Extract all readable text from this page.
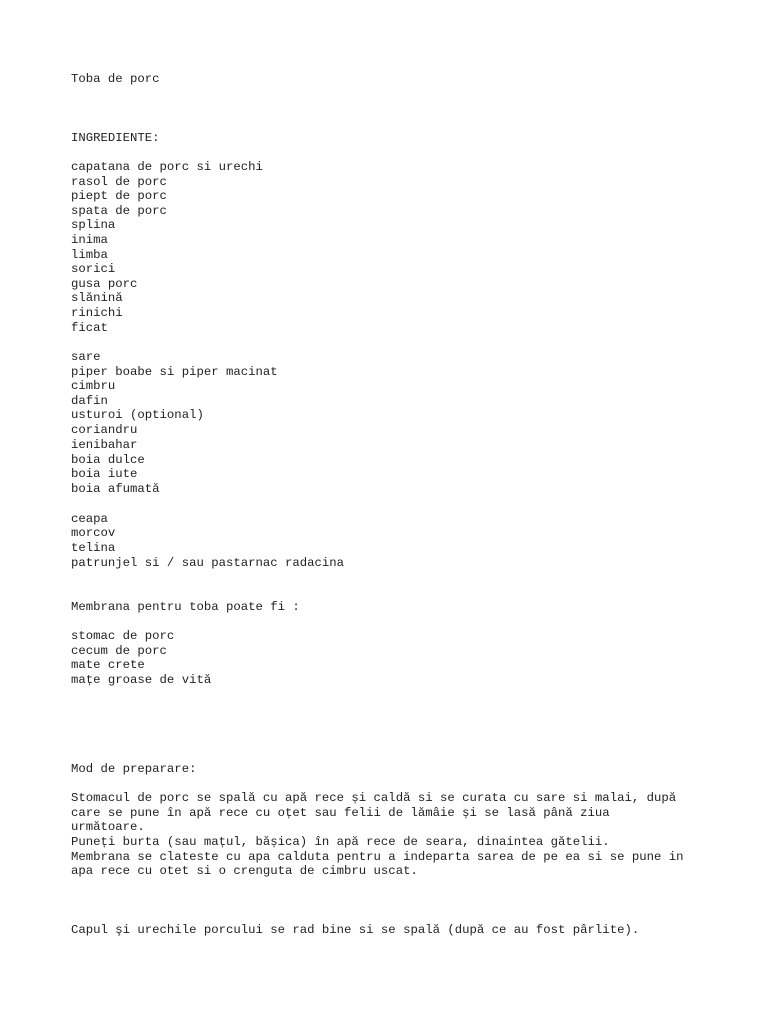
Toba de porc

INGREDIENTE:

capatana de porc si urechi

rasol de porc

piept de porc

spata de porc

splina

inima

limba

sorici

gusa porc

slănină

rinichi

ficat

sare

piper boabe si piper macinat

cimbru

dafin

usturoi (optional)

coriandru

ienibahar

boia dulce

boia iute

boia afumată

ceapa

morcov

telina

patrunjel si / sau pastarnac radacina

Membrana pentru toba poate fi :

stomac de porc

cecum de porc

mate crete

mațe groase de vită

Mod de preparare:

Stomacul de porc se spală cu apă rece și caldă si se curata cu sare si malai, după

care se pune în apă rece cu oțet sau felii de lămâie și se lasă până ziua

următoare.

Puneți burta (sau mațul, bășica) în apă rece de seara, dinaintea gătelii.

Membrana se clateste cu apa calduta pentru a indeparta sarea de pe ea si se pune in

apa rece cu otet si o crenguta de cimbru uscat.

Capul şi urechile porcului se rad bine si se spală (după ce au fost pârlite).
